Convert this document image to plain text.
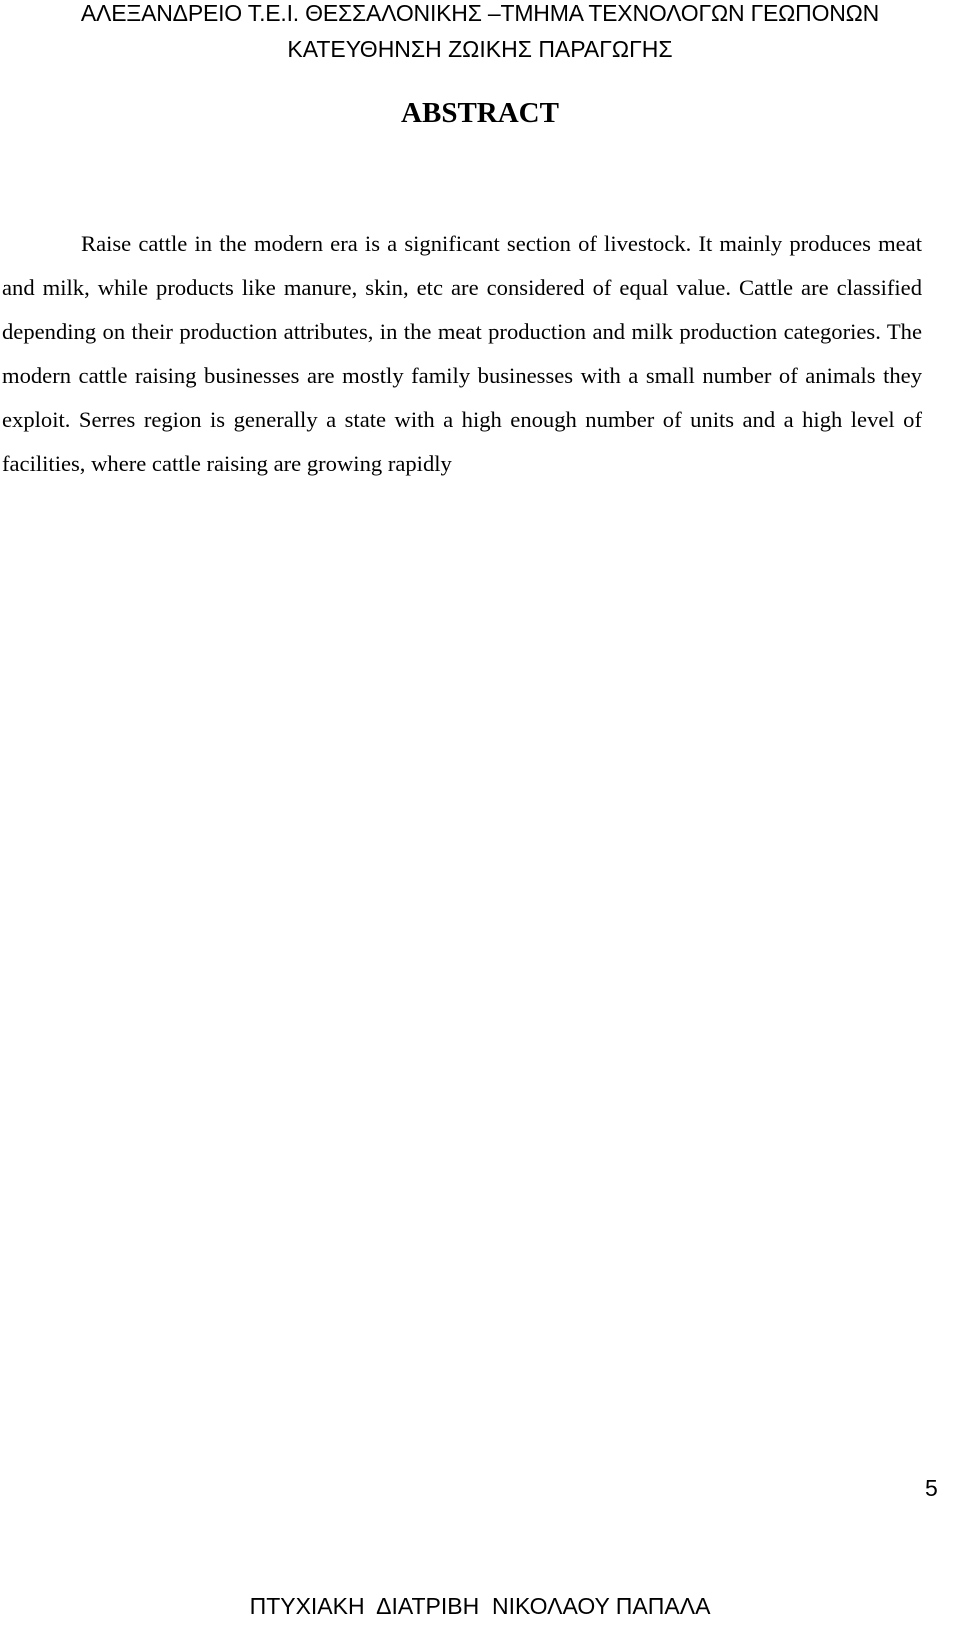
ΑΛΕΞΑΝΔΡΕΙΟ Τ.Ε.Ι. ΘΕΣΣΑΛΟΝΙΚΗΣ –ΤΜΗΜΑ ΤΕΧΝΟΛΟΓΩΝ ΓΕΩΠΟΝΩΝ
ΚΑΤΕΥΘΗΝΣΗ ΖΩΙΚΗΣ ΠΑΡΑΓΩΓΗΣ
ABSTRACT

Raise cattle in the modern era is a significant section of livestock. It mainly produces meat and milk, while products like manure, skin, etc are considered of equal value. Cattle are classified depending on their production attributes, in the meat production and milk production categories. The modern cattle raising businesses are mostly family businesses with a small number of animals they exploit. Serres region is generally a state with a high enough number of units and a high level of facilities, where cattle raising are growing rapidly

5
ΠΤΥΧΙΑΚΗ  ΔΙΑΤΡΙΒΗ  ΝΙΚΟΛΑΟΥ ΠΑΠΑΛΑ
